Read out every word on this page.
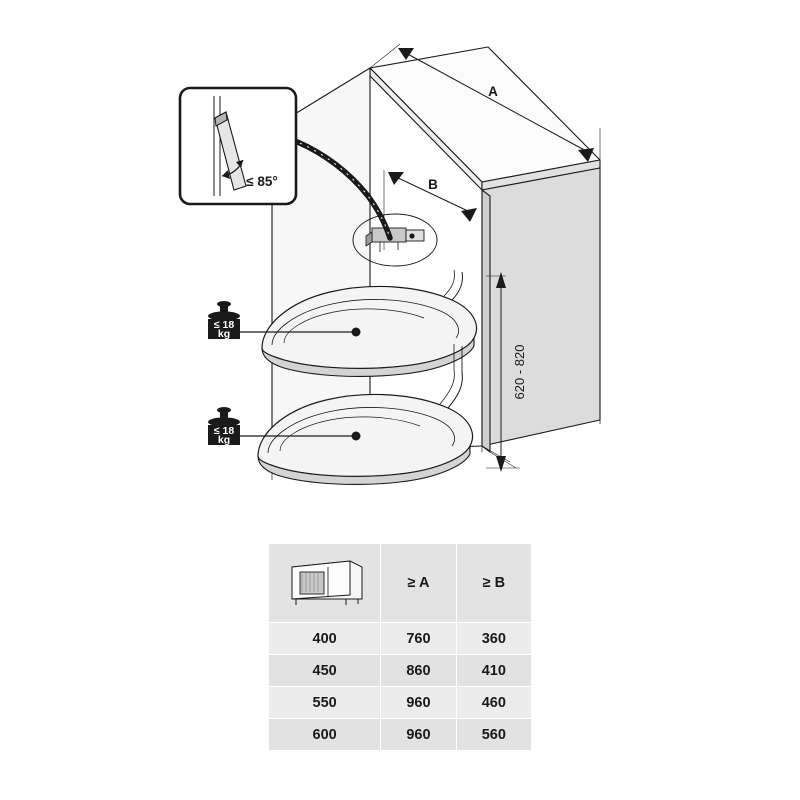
A
B
620 - 820
≤ 85°
≤ 18
kg
≤ 18
kg
	≥ A	≥ B
400	760	360
450	860	410
550	960	460
600	960	560
